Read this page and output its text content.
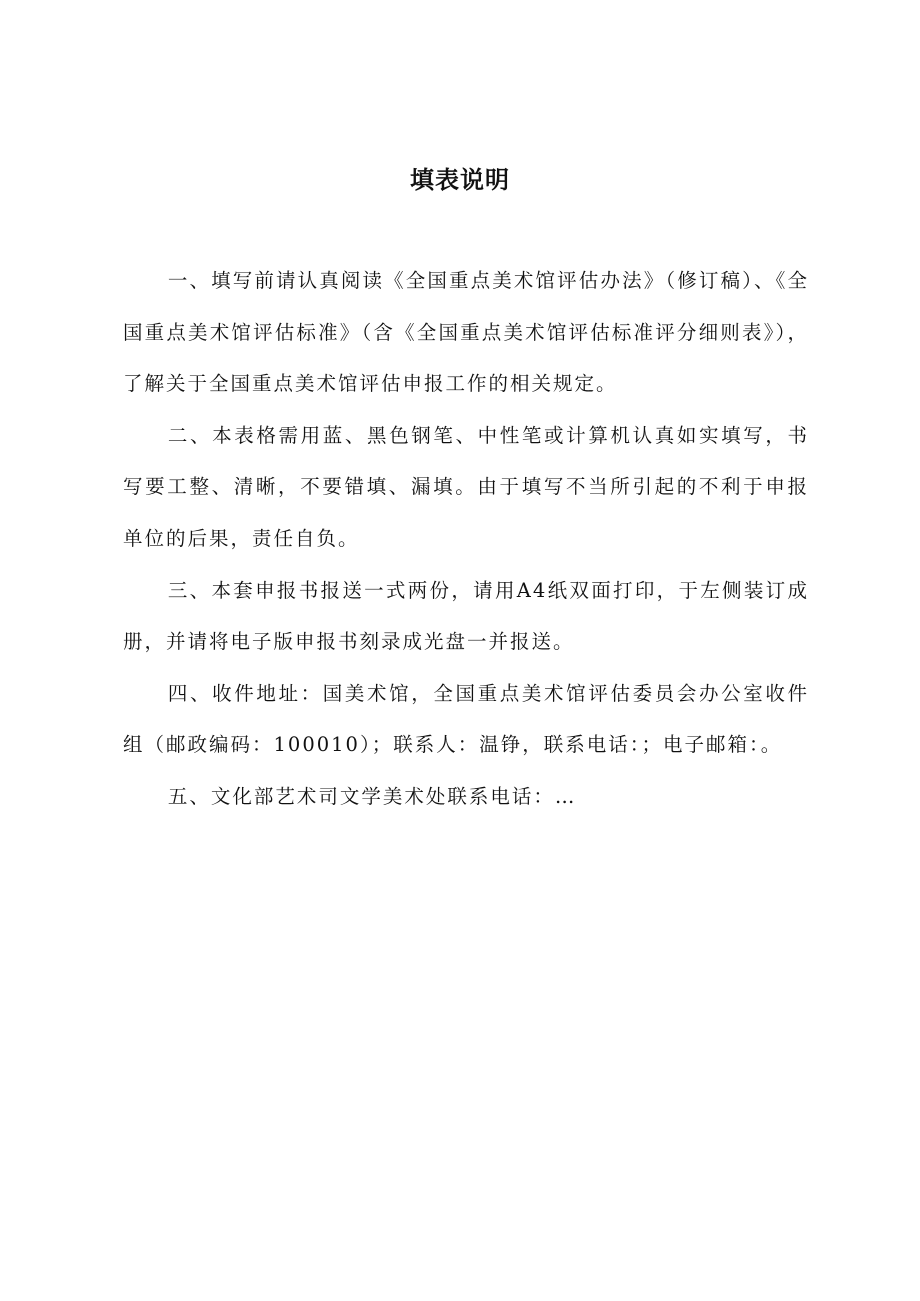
填表说明

一、填写前请认真阅读《全国重点美术馆评估办法》（修订稿）、《全国重点美术馆评估标准》（含《全国重点美术馆评估标准评分细则表》），了解关于全国重点美术馆评估申报工作的相关规定。

二、本表格需用蓝、黑色钢笔、中性笔或计算机认真如实填写，书写要工整、清晰，不要错填、漏填。由于填写不当所引起的不利于申报单位的后果，责任自负。

三、本套申报书报送一式两份，请用A4纸双面打印，于左侧装订成册，并请将电子版申报书刻录成光盘一并报送。

四、收件地址：国美术馆，全国重点美术馆评估委员会办公室收件组（邮政编码：100010）；联系人：温铮，联系电话：；电子邮箱：。

五、文化部艺术司文学美术处联系电话：…
